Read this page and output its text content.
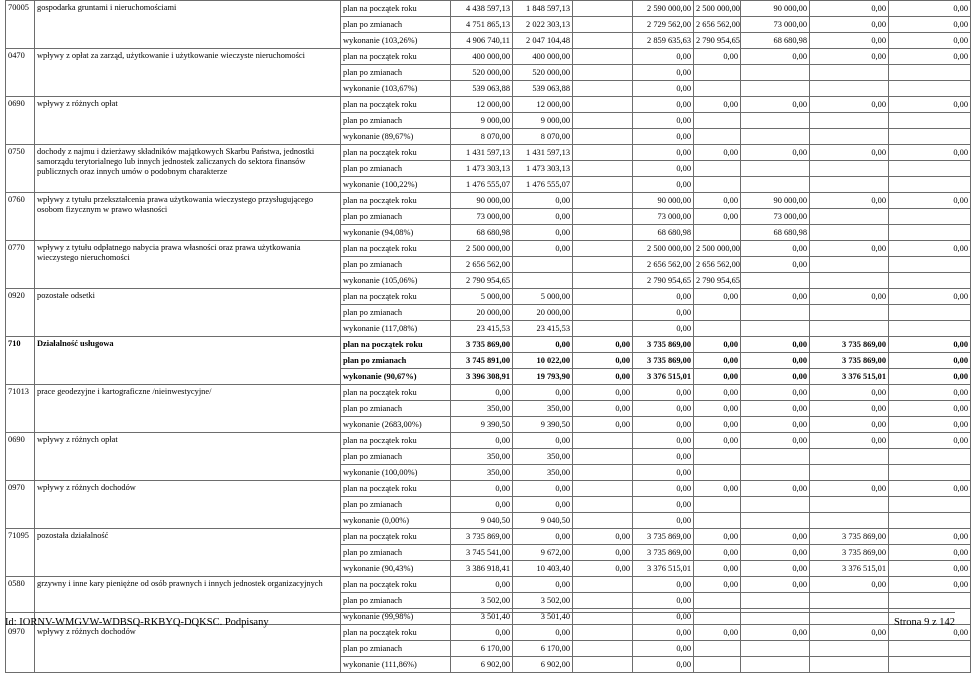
70005	gospodarka gruntami i nieruchomościami	plan na początek roku	4 438 597,13	1 848 597,13			2 590 000,00	2 500 000,00	90 000,00	0,00	0,00
		plan po zmianach	4 751 865,13	2 022 303,13			2 729 562,00	2 656 562,00	73 000,00	0,00	0,00
		wykonanie (103,26%)	4 906 740,11	2 047 104,48			2 859 635,63	2 790 954,65	68 680,98	0,00	0,00
0470	wpływy z opłat za zarząd, użytkowanie i użytkowanie wieczyste nieruchomości	plan na początek roku	400 000,00	400 000,00			0,00	0,00	0,00	0,00	0,00
		plan po zmianach	520 000,00	520 000,00			0,00				
		wykonanie (103,67%)	539 063,88	539 063,88			0,00				
0690	wpływy z różnych opłat	plan na początek roku	12 000,00	12 000,00			0,00	0,00	0,00	0,00	0,00
		plan po zmianach	9 000,00	9 000,00			0,00				
		wykonanie (89,67%)	8 070,00	8 070,00			0,00				
0750	dochody z najmu i dzierżawy składników majątkowych Skarbu Państwa, jednostki samorządu terytorialnego lub innych jednostek zaliczanych do sektora finansów publicznych oraz innych umów o podobnym charakterze	plan na początek roku	1 431 597,13	1 431 597,13			0,00	0,00	0,00	0,00	0,00
		plan po zmianach	1 473 303,13	1 473 303,13			0,00				
		wykonanie (100,22%)	1 476 555,07	1 476 555,07			0,00				
0760	wpływy z tytułu przekształcenia prawa użytkowania wieczystego przysługującego osobom fizycznym w prawo własności	plan na początek roku	90 000,00	0,00			90 000,00	0,00	90 000,00	0,00	0,00
		plan po zmianach	73 000,00	0,00			73 000,00	0,00	73 000,00		
		wykonanie (94,08%)	68 680,98	0,00			68 680,98		68 680,98		
0770	wpływy z tytułu odpłatnego nabycia prawa własności oraz prawa użytkowania wieczystego nieruchomości	plan na początek roku	2 500 000,00	0,00			2 500 000,00	2 500 000,00	0,00	0,00	0,00
		plan po zmianach	2 656 562,00				2 656 562,00	2 656 562,00	0,00		
		wykonanie (105,06%)	2 790 954,65				2 790 954,65	2 790 954,65			
0920	pozostałe odsetki	plan na początek roku	5 000,00	5 000,00			0,00	0,00	0,00	0,00	0,00
		plan po zmianach	20 000,00	20 000,00			0,00				
		wykonanie (117,08%)	23 415,53	23 415,53			0,00				
710	Działalność usługowa	plan na początek roku	3 735 869,00	0,00	0,00		3 735 869,00	0,00	0,00	3 735 869,00	0,00
		plan po zmianach	3 745 891,00	10 022,00	0,00		3 735 869,00	0,00	0,00	3 735 869,00	0,00
		wykonanie (90,67%)	3 396 308,91	19 793,90	0,00		3 376 515,01	0,00	0,00	3 376 515,01	0,00
71013	prace geodezyjne i kartograficzne /nieinwestycyjne/	plan na początek roku	0,00	0,00	0,00		0,00	0,00	0,00	0,00	0,00
		plan po zmianach	350,00	350,00	0,00		0,00	0,00	0,00	0,00	0,00
		wykonanie (2683,00%)	9 390,50	9 390,50	0,00		0,00	0,00	0,00	0,00	0,00
0690	wpływy z różnych opłat	plan na początek roku	0,00	0,00			0,00	0,00	0,00	0,00	0,00
		plan po zmianach	350,00	350,00			0,00				
		wykonanie (100,00%)	350,00	350,00			0,00				
0970	wpływy z różnych dochodów	plan na początek roku	0,00	0,00			0,00	0,00	0,00	0,00	0,00
		plan po zmianach	0,00	0,00			0,00				
		wykonanie (0,00%)	9 040,50	9 040,50			0,00				
71095	pozostała działalność	plan na początek roku	3 735 869,00	0,00	0,00		3 735 869,00	0,00	0,00	3 735 869,00	0,00
		plan po zmianach	3 745 541,00	9 672,00	0,00		3 735 869,00	0,00	0,00	3 735 869,00	0,00
		wykonanie (90,43%)	3 386 918,41	10 403,40	0,00		3 376 515,01	0,00	0,00	3 376 515,01	0,00
0580	grzywny i inne kary pieniężne od osób prawnych i innych jednostek organizacyjnych	plan na początek roku	0,00	0,00			0,00	0,00	0,00	0,00	0,00
		plan po zmianach	3 502,00	3 502,00			0,00				
		wykonanie (99,98%)	3 501,40	3 501,40			0,00				
0970	wpływy z różnych dochodów	plan na początek roku	0,00	0,00			0,00	0,00	0,00	0,00	0,00
		plan po zmianach	6 170,00	6 170,00			0,00				
		wykonanie (111,86%)	6 902,00	6 902,00			0,00				
Id: IORNV-WMGVW-WDBSQ-RKBYQ-DQKSC. Podpisany	Strona 9 z 142
